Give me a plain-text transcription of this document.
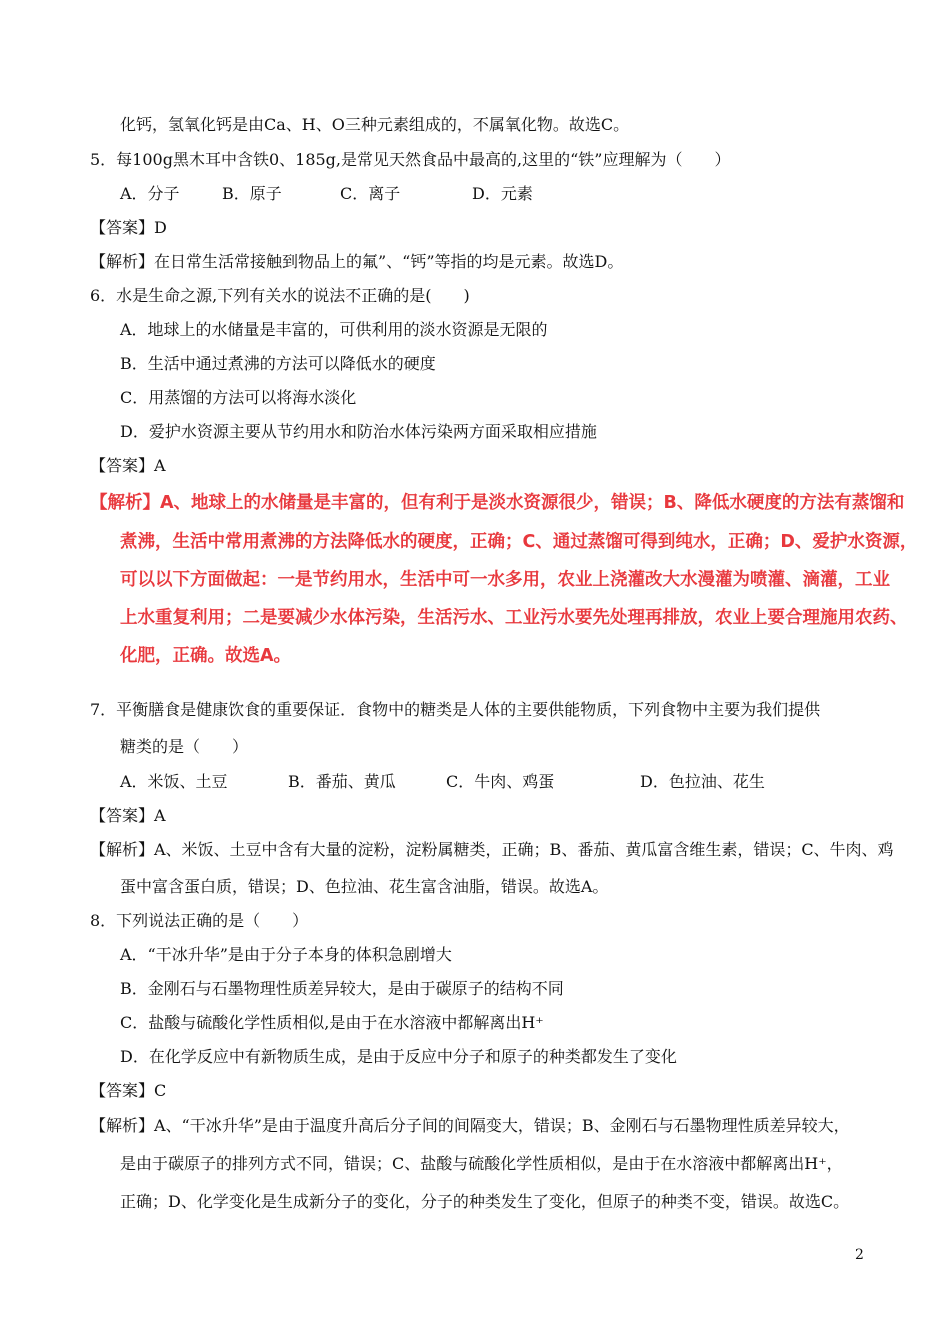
化钙，氢氧化钙是由Ca、H、O三种元素组成的，不属氧化物。故选C。
5．每100g黑木耳中含铁0、185g,是常见天然食品中最高的,这里的“铁”应理解为（　　）
A．分子	B．原子	C．离子	D．元素
【答案】D
【解析】在日常生活常接触到物品上的氟”、“钙”等指的均是元素。故选D。
6．水是生命之源,下列有关水的说法不正确的是(　　)
A．地球上的水储量是丰富的，可供利用的淡水资源是无限的
B．生活中通过煮沸的方法可以降低水的硬度
C．用蒸馏的方法可以将海水淡化
D．爱护水资源主要从节约用水和防治水体污染两方面采取相应措施
【答案】A
【解析】A、地球上的水储量是丰富的，但有利于是淡水资源很少，错误；B、降低水硬度的方法有蒸馏和
煮沸，生活中常用煮沸的方法降低水的硬度，正确；C、通过蒸馏可得到纯水，正确；D、爱护水资源，
可以以下方面做起：一是节约用水，生活中可一水多用，农业上浇灌改大水漫灌为喷灌、滴灌，工业
上水重复利用；二是要减少水体污染，生活污水、工业污水要先处理再排放，农业上要合理施用农药、
化肥，正确。故选A。
7．平衡膳食是健康饮食的重要保证．食物中的糖类是人体的主要供能物质，下列食物中主要为我们提供
糖类的是（　　）
A．米饭、土豆	B．番茄、黄瓜	C．牛肉、鸡蛋	D．色拉油、花生
【答案】A
【解析】A、米饭、土豆中含有大量的淀粉，淀粉属糖类，正确；B、番茄、黄瓜富含维生素，错误；C、牛肉、鸡
蛋中富含蛋白质，错误；D、色拉油、花生富含油脂，错误。故选A。
8．下列说法正确的是（　　）
A．“干冰升华”是由于分子本身的体积急剧增大
B．金刚石与石墨物理性质差异较大，是由于碳原子的结构不同
C．盐酸与硫酸化学性质相似,是由于在水溶液中都解离出H⁺
D．在化学反应中有新物质生成，是由于反应中分子和原子的种类都发生了变化
【答案】C
【解析】A、“干冰升华”是由于温度升高后分子间的间隔变大，错误；B、金刚石与石墨物理性质差异较大，
是由于碳原子的排列方式不同，错误；C、盐酸与硫酸化学性质相似，是由于在水溶液中都解离出H⁺，
正确；D、化学变化是生成新分子的变化，分子的种类发生了变化，但原子的种类不变，错误。故选C。
2
